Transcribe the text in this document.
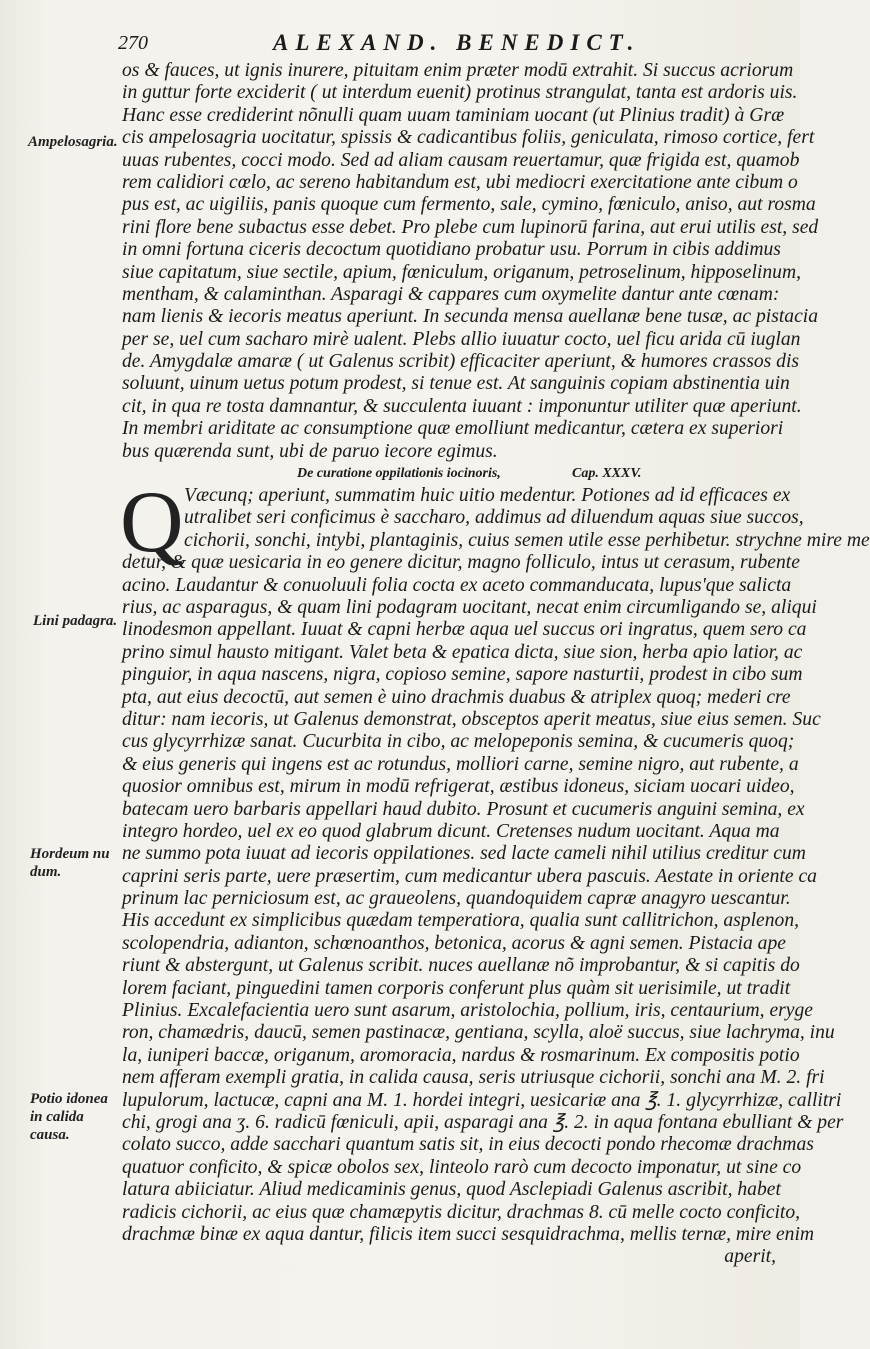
270	ALEXAND. BENEDICT.
os & fauces, ut ignis inurere, pituitam enim præter modū extrahit. Si succus acriorum
in guttur forte exciderit ( ut interdum euenit) protinus strangulat, tanta est ardoris uis.
Hanc esse crediderint nõnulli quam uuam taminiam uocant (ut Plinius tradit) à Græ
cis ampelosagria uocitatur, spissis & cadicantibus foliis, geniculata, rimoso cortice, fert
uuas rubentes, cocci modo. Sed ad aliam causam reuertamur, quæ frigida est, quamob
rem calidiori cœlo, ac sereno habitandum est, ubi mediocri exercitatione ante cibum o
pus est, ac uigiliis, panis quoque cum fermento, sale, cymino, fœniculo, aniso, aut rosma
rini flore bene subactus esse debet. Pro plebe cum lupinorū farina, aut erui utilis est, sed
in omni fortuna ciceris decoctum quotidiano probatur usu. Porrum in cibis addimus
siue capitatum, siue sectile, apium, fœniculum, origanum, petroselinum, hipposelinum,
mentham, & calaminthan. Asparagi & cappares cum oxymelite dantur ante cœnam:
nam lienis & iecoris meatus aperiunt. In secunda mensa auellanæ bene tusæ, ac pistacia
per se, uel cum sacharo mirè ualent. Plebs allio iuuatur cocto, uel ficu arida cū iuglan
de. Amygdalæ amaræ ( ut Galenus scribit) efficaciter aperiunt, & humores crassos dis
soluunt, uinum uetus potum prodest, si tenue est. At sanguinis copiam abstinentia uin
cit, in qua re tosta damnantur, & succulenta iuuant : imponuntur utiliter quæ aperiunt.
In membri ariditate ac consumptione quæ emolliunt medicantur, cætera ex superiori
bus quærenda sunt, ubi de paruo iecore egimus.
De curatione oppilationis iocinoris,	Cap. XXXV.
Q Væcunq; aperiunt, summatim huic uitio medentur. Potiones ad id efficaces ex
utralibet seri conficimus è saccharo, addimus ad diluendum aquas siue succos,
cichorii, sonchi, intybi, plantaginis, cuius semen utile esse perhibetur. strychne mire me
detur, & quæ uesicaria in eo genere dicitur, magno folliculo, intus ut cerasum, rubente
acino. Laudantur & conuoluuli folia cocta ex aceto commanducata, lupus'que salicta
rius, ac asparagus, & quam lini podagram uocitant, necat enim circumligando se, aliqui
linodesmon appellant. Iuuat & capni herbæ aqua uel succus ori ingratus, quem sero ca
prino simul hausto mitigant. Valet beta & epatica dicta, siue sion, herba apio latior, ac
pinguior, in aqua nascens, nigra, copioso semine, sapore nasturtii, prodest in cibo sum
pta, aut eius decoctū, aut semen è uino drachmis duabus & atriplex quoq; mederi cre
ditur: nam iecoris, ut Galenus demonstrat, obsceptos aperit meatus, siue eius semen. Suc
cus glycyrrhizæ sanat. Cucurbita in cibo, ac melopeponis semina, & cucumeris quoq;
& eius generis qui ingens est ac rotundus, molliori carne, semine nigro, aut rubente, a
quosior omnibus est, mirum in modū refrigerat, æstibus idoneus, siciam uocari uideo,
batecam uero barbaris appellari haud dubito. Prosunt et cucumeris anguini semina, ex
integro hordeo, uel ex eo quod glabrum dicunt. Cretenses nudum uocitant. Aqua ma
ne summo pota iuuat ad iecoris oppilationes. sed lacte cameli nihil utilius creditur cum
caprini seris parte, uere præsertim, cum medicantur ubera pascuis. Aestate in oriente ca
prinum lac perniciosum est, ac graueolens, quandoquidem capræ anagyro uescantur.
His accedunt ex simplicibus quædam temperatiora, qualia sunt callitrichon, asplenon,
scolopendria, adianton, schœnoanthos, betonica, acorus & agni semen. Pistacia ape
riunt & abstergunt, ut Galenus scribit. nuces auellanæ nõ improbantur, & si capitis do
lorem faciant, pinguedini tamen corporis conferunt plus quàm sit uerisimile, ut tradit
Plinius. Excalefacientia uero sunt asarum, aristolochia, pollium, iris, centaurium, eryge
ron, chamædris, daucū, semen pastinacæ, gentiana, scylla, aloë succus, siue lachryma, inu
la, iuniperi baccæ, origanum, aromoracia, nardus & rosmarinum. Ex compositis potio
nem afferam exempli gratia, in calida causa, seris utriusque cichorii, sonchi ana M. 2. fri
lupulorum, lactucæ, capni ana M. 1. hordei integri, uesicariæ ana ℥. 1. glycyrrhizæ, callitri
chi, grogi ana ʒ. 6. radicū fœniculi, apii, asparagi ana ℥. 2. in aqua fontana ebulliant & per
colato succo, adde sacchari quantum satis sit, in eius decocti pondo rhecomæ drachmas
quatuor conficito, & spicæ obolos sex, linteolo rarò cum decocto imponatur, ut sine co
latura abiiciatur. Aliud medicaminis genus, quod Asclepiadi Galenus ascribit, habet
radicis cichorii, ac eius quæ chamæpytis dicitur, drachmas 8. cū melle cocto conficito,
drachmæ binæ ex aqua dantur, filicis item succi sesquidrachma, mellis ternæ, mire enim
aperit,
Ampelosagria.
Lini padagra.
Hordeum nu dum.
Potio idonea in calida causa.
